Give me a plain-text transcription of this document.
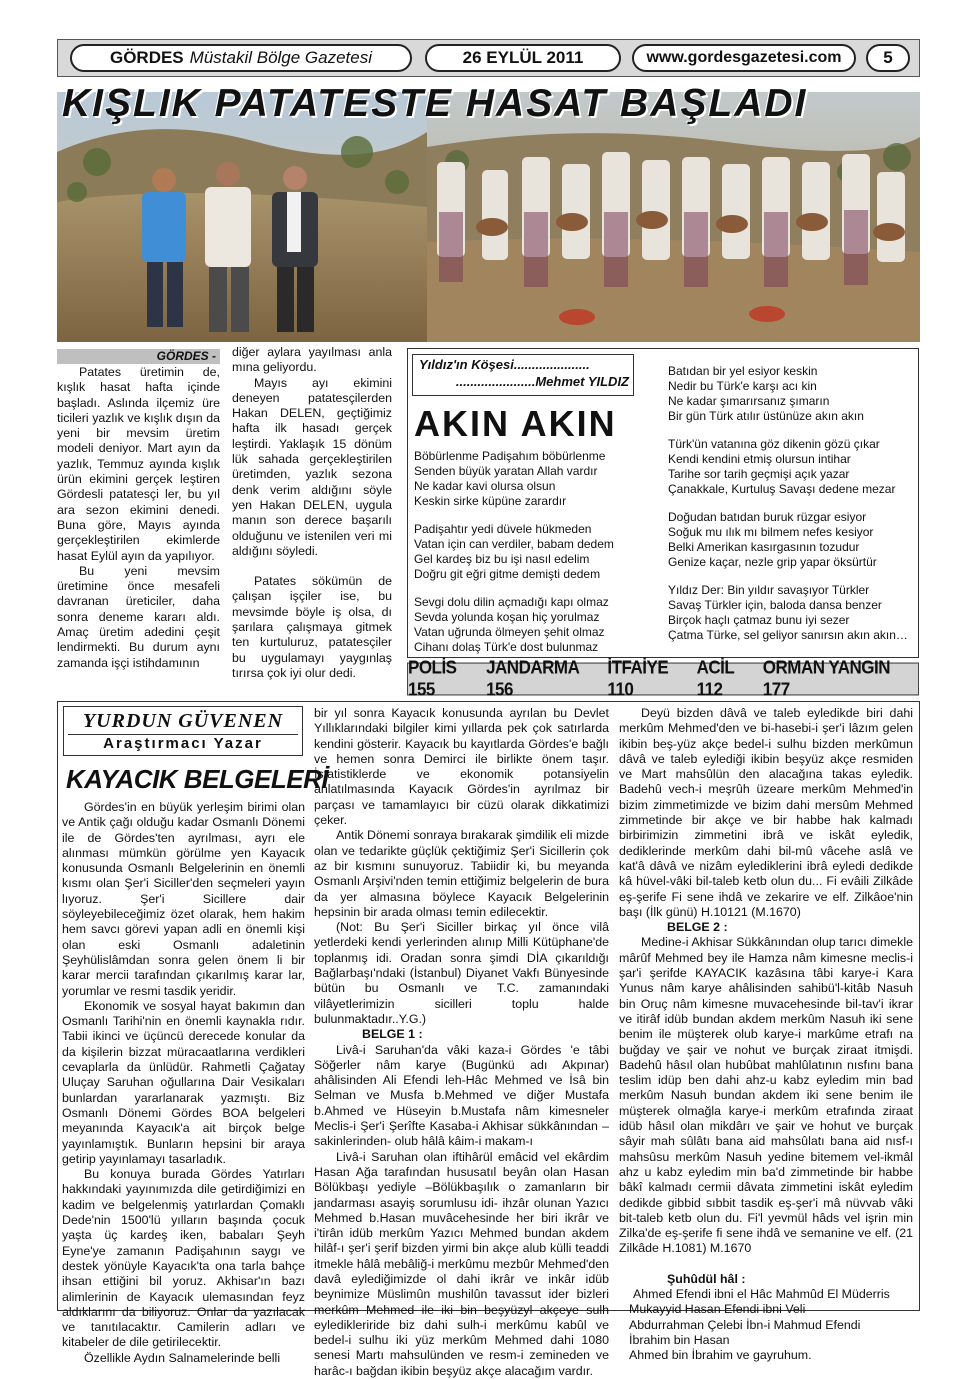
GÖRDES Müstakil Bölge Gazetesi	26 EYLÜL 2011	www.gordesgazetesi.com 5
KIŞLIK PATATESTE HASAT BAŞLADI
GÖRDES -

Patates üretimin de, kışlık hasat hafta içinde başladı. Aslında ilçemiz üre ticileri yazlık ve kışlık dışın da yeni bir mevsim üretim modeli deniyor. Mart ayın da yazlık, Temmuz ayında kışlık ürün ekimini gerçek leştiren Gördesli patatesçi ler, bu yıl ara sezon ekimini denedi. Buna göre, Mayıs ayında gerçekleştirilen ekimlerde hasat Eylül ayın da yapılıyor.

Bu yeni mevsim üretimine önce mesafeli davranan üreticiler, daha sonra deneme kararı aldı. Amaç üretim adedini çeşit lendirmekti. Bu durum aynı zamanda işçi istihdamının

diğer aylara yayılması anla mına geliyordu.

Mayıs ayı ekimini deneyen patatesçilerden Hakan DELEN, geçtiğimiz hafta ilk hasadı gerçek leştirdi. Yaklaşık 15 dönüm lük sahada gerçekleştirilen üretimden, yazlık sezona denk verim aldığını söyle yen Hakan DELEN, uygula manın son derece başarılı olduğunu ve istenilen veri mi aldığını söyledi.

Patates sökümün de çalışan işçiler ise, bu mevsimde böyle iş olsa, dı şarılara çalışmaya gitmek ten kurtuluruz, patatesçiler bu uygulamayı yaygınlaş tırırsa çok iyi olur dedi.

Yıldız'ın Köşesi.....................
......................Mehmet YILDIZ
AKIN AKIN

Böbürlenme Padişahım böbürlenme

Senden büyük yaratan Allah vardır

Ne kadar kavi olursa olsun

Keskin sirke küpüne zarardır

Padişahtır yedi düvele hükmeden

Vatan için can verdiler, babam dedem

Gel kardeş biz bu işi nasıl edelim

Doğru git eğri gitme demişti dedem

Sevgi dolu dilin açmadığı kapı olmaz

Sevda yolunda koşan hiç yorulmaz

Vatan uğrunda ölmeyen şehit olmaz

Cihanı dolaş Türk'e dost bulunmaz

Batıdan bir yel esiyor keskin

Nedir bu Türk'e karşı acı kin

Ne kadar şımarırsanız şımarın

Bir gün Türk atılır üstünüze akın akın

Türk'ün vatanına göz dikenin gözü çıkar

Kendi kendini etmiş olursun intihar

Tarihe sor tarih geçmişi açık yazar

Çanakkale, Kurtuluş Savaşı dedene mezar

Doğudan batıdan buruk rüzgar esiyor

Soğuk mu ılık mı bilmem nefes kesiyor

Belki Amerikan kasırgasının tozudur

Genize kaçar, nezle grip yapar öksürtür

Yıldız Der: Bin yıldır savaşıyor Türkler

Savaş Türkler için, baloda dansa benzer

Birçok haçlı çatmaz bunu iyi sezer

Çatma Türke, sel geliyor sanırsın akın akın…

POLİS 155
JANDARMA 156
İTFAİYE 110
ACİL 112
ORMAN YANGIN 177
YURDUN GÜVENEN
Araştırmacı Yazar
KAYACIK BELGELERİ

Gördes'in en büyük yerleşim birimi olan ve Antik çağı olduğu kadar Osmanlı Dönemi ile de Gördes'ten ayrılması, ayrı ele alınması mümkün görülme yen Kayacık konusunda Osmanlı Belgelerinin en önemli kısmı olan Şer'i Siciller'den seçmeleri yayın lıyoruz. Şer'i Sicillere dair söyleyebileceğimiz özet olarak, hem hakim hem savcı görevi yapan adli en önemli kişi olan eski Osmanlı adaletinin Şeyhülislâmdan sonra gelen önem li bir karar mercii tarafından çıkarılmış karar lar, yorumlar ve resmi tasdik yeridir.

Ekonomik ve sosyal hayat bakımın dan Osmanlı Tarihi'nin en önemli kaynakla rıdır. Tabii ikinci ve üçüncü derecede konular da da kişilerin bizzat müracaatlarına verdikleri cevaplarla da ünlüdür. Rahmetli Çağatay Uluçay Saruhan oğullarına Dair Vesikaları bunlardan yararlanarak yazmıştı. Biz Osmanlı Dönemi Gördes BOA belgeleri meyanında Kayacık'a ait birçok belge yayınlamıştık. Bunların hepsini bir araya getirip yayınlamayı tasarladık.

Bu konuya burada Gördes Yatırları hakkındaki yayınımızda dile getirdiğimizi en kadim ve belgelenmiş yatırlardan Çomaklı Dede'nin 1500'lü yılların başında çocuk yaşta üç kardeş iken, babaları Şeyh Eyne'ye zamanın Padişahının saygı ve destek yönüyle Kayacık'ta ona tarla bahçe ihsan ettiğini bil yoruz. Akhisar'ın bazı alimlerinin de Kayacık ulemasından feyz aldıklarını da biliyoruz. Onlar da yazılacak ve tanıtılacaktır. Camilerin adları ve kitabeler de dile getirilecektir.

Özellikle Aydın Salnamelerinde belli

bir yıl sonra Kayacık konusunda ayrılan bu Devlet Yıllıklarındaki bilgiler kimi yıllarda pek çok satırlarda kendini gösterir. Kayacık bu kayıtlarda Gördes'e bağlı ve hemen sonra Demirci ile birlikte önem taşır. İstatistiklerde ve ekonomik potansiyelin anlatılmasında Kayacık Gördes'in ayrılmaz bir parçası ve tamamlayıcı bir cüzü olarak dikkatimizi çeker.

Antik Dönemi sonraya bırakarak şimdilik eli mizde olan ve tedarikte güçlük çektiğimiz Şer'i Sicillerin çok az bir kısmını sunuyoruz. Tabiidir ki, bu meyanda Osmanlı Arşivi'nden temin ettiğimiz belgelerin de bura da yer almasına böylece Kayacık Belgelerinin hepsinin bir arada olması temin edilecektir.

(Not: Bu Şer'i Siciller birkaç yıl önce vilâ yetlerdeki kendi yerlerinden alınıp Milli Kütüphane'de toplanmış idi. Oradan sonra şimdi DİA çıkarıldığı Bağlarbaşı'ndaki (İstanbul) Diyanet Vakfı Bünyesinde bütün bu Osmanlı ve T.C. zamanındaki vilâyetlerimizin sicilleri toplu halde bulunmaktadır..Y.G.)

BELGE 1 :

Livâ-i Saruhan'da vâki kaza-i Gördes 'e tâbi Söğerler nâm karye (Bugünkü adı Akpınar) ahâlisinden Ali Efendi leh-Hâc Mehmed ve İsâ bin Selman ve Musfa b.Mehmed ve diğer Mustafa b.Ahmed ve Hüseyin b.Mustafa nâm kimesneler Meclis-i Şer'i Şerîfte Kasaba-i Akhisar sükkânından –sakinlerinden- olub hâlâ kâim-i makam-ı

Livâ-i Saruhan olan iftihârül emâcid vel ekârdim Hasan Ağa tarafından hususatıl beyân olan Hasan Bölükbaşı yediyle –Bölükbaşılık o zamanların bir jandarması asayiş sorumlusu idi- ihzâr olunan Yazıcı Mehmed b.Hasan muvâcehesinde her biri ikrâr ve i'tirân idüb merkûm Yazıcı Mehmed bundan akdem hilâf-ı şer'i şerif bizden yirmi bin akçe alub külli teaddi itmekle hâlâ mebâliğ-i merkûmu mezbûr Mehmed'den davâ eylediğimizde ol dahi ikrâr ve inkâr idüb beynimize Müslimûn mushilûn tavassut ider bizleri merkûm Mehmed ile iki bin beşyüzyl akçeye sulh eyledikleriride biz dahi sulh-i merkûmu kabûl ve bedel-i sulhu iki yüz merkûm Mehmed dahi 1080 senesi Martı mahsulünden ve resm-i zemineden ve harâc-ı bağdan ikibin beşyüz akçe alacağım vardır.

Deyü bizden dâvâ ve taleb eyledikde biri dahi merkûm Mehmed'den ve bi-hasebi-i şer'i lâzım gelen ikibin beş-yüz akçe bedel-i sulhu bizden merkûmun dâvâ ve taleb eylediği ikibin beşyüz akçe resmiden ve Mart mahsûlün den alacağına takas eyledik. Badehû vech-i meşrûh üzeare merkûm Mehmed'in bizim zimmetimizde ve bizim dahi mersûm Mehmed zimmetinde bir akçe ve bir habbe hak kalmadı birbirimizin zimmetini ibrâ ve iskât eyledik, dediklerinde merkûm dahi bil-mû vâcehe aslâ ve kat'â dâvâ ve nizâm eylediklerini ibrâ eyledi dedikde kâ hüvel-vâki bil-taleb ketb olun du... Fi evâili Zilkâde eş-şerife Fi sene ihdâ ve zekarire ve elf. Zilkâoe'nin başı (İlk günü) H.10121 (M.1670)

BELGE 2 :

Medine-i Akhisar Sükkânından olup tarıcı dimekle mârûf Mehmed bey ile Hamza nâm kimesne meclis-i şar'i şerifde KAYACIK kazâsına tâbi karye-i Kara Yunus nâm karye ahâlisinden sahibü'l-kitâb Nasuh bin Oruç nâm kimesne muvacehesinde bil-tav'i ikrar ve itirâf idüb bundan akdem merkûm Nasuh iki sene benim ile müşterek olub karye-i markûme etrafı na buğday ve şair ve nohut ve burçak ziraat itmişdi. Badehû hâsıl olan hubûbat mahlûlatının nısfını bana teslim idüp ben dahi ahz-u kabz eyledim min bad merkûm Nasuh bundan akdem iki sene benim ile müşterek olmağla karye-i merkûm etrafında ziraat idüb hâsıl olan mikdârı ve şair ve hohut ve burçak sâyir mah sûlâtı bana aid mahsûlatı bana aid nısf-ı mahsûsu merkûm Nasuh yedine bitemem vel-ikmâl ahz u kabz eyledim min ba'd zimmetinde bir habbe bâkî kalmadı cermii dâvata zimmetini iskât eyledim dedikde gibbid sıbbit tasdik eş-şer'i mâ nüvvab vâki bit-taleb ketb olun du. Fi'l yevmül hâds vel işrin min Zilka'de eş-şerife fi sene ihdâ ve semanine ve elf. (21 Zilkâde H.1081) M.1670

Şuhûdül hâl :

Ahmed Efendi ibni el Hâc Mahmûd El Müderris

Mukayyid Hasan Efendi ibni Veli

Abdurrahman Çelebi İbn-i Mahmud Efendi

İbrahim bin Hasan

Ahmed bin İbrahim ve gayruhum.
